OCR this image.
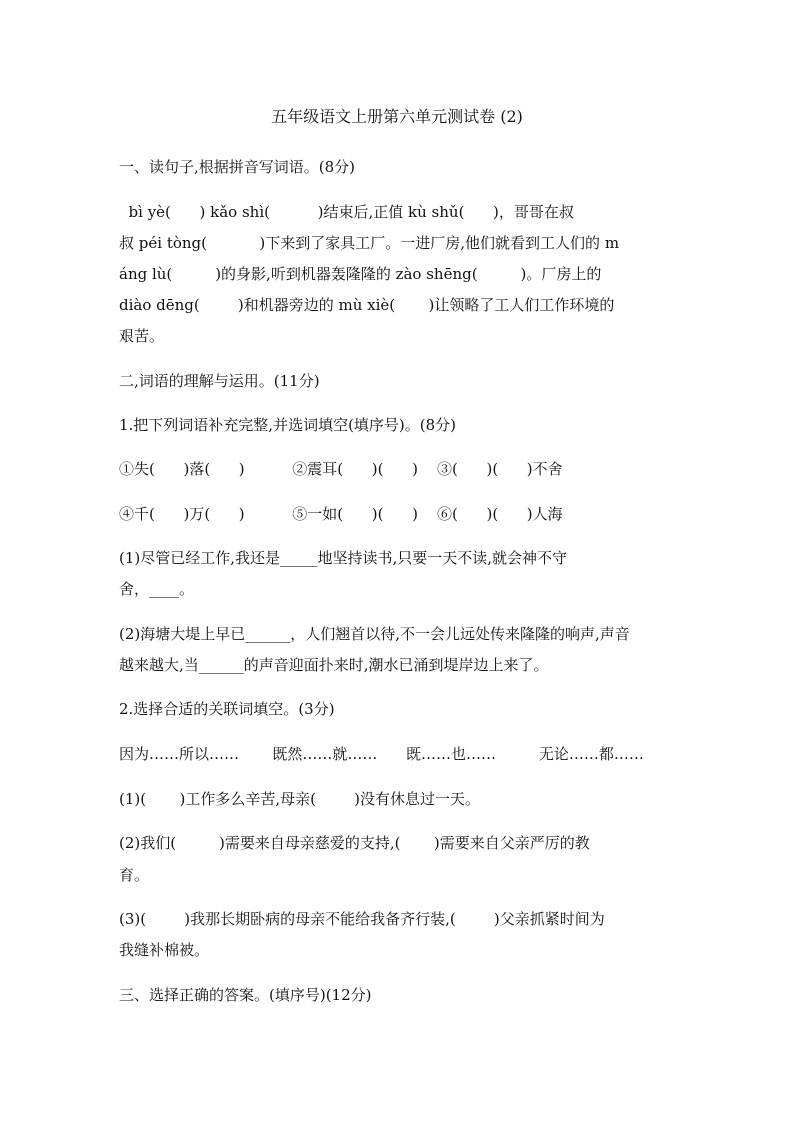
五年级语文上册第六单元测试卷 (2)
一、读句子,根据拼音写词语。(8分)
bì yè(      ) kǎo shì(          )结束后,正值 kù shǔ(      )，哥哥在叔
叔 péi tòng(           )下来到了家具工厂。一进厂房,他们就看到工人们的 m
áng lù(         )的身影,听到机器轰隆隆的 zào shēng(         )。厂房上的
diào dēng(        )和机器旁边的 mù xiè(       )让领略了工人们工作环境的
艰苦。
二,词语的理解与运用。(11分)
1.把下列词语补充完整,并选词填空(填序号)。(8分)
①失(      )落(      )          ②震耳(      )(      )    ③(      )(      )不舍
④千(      )万(      )          ⑤一如(      )(      )    ⑥(      )(      )人海
(1)尽管已经工作,我还是_____地坚持读书,只要一天不读,就会神不守
舍，____。
(2)海塘大堤上早已______，人们翘首以待,不一会儿远处传来隆隆的响声,声音
越来越大,当______的声音迎面扑来时,潮水已涌到堤岸边上来了。
2.选择合适的关联词填空。(3分)
因为……所以……       既然……就……      既……也……         无论……都……
(1)(       )工作多么辛苦,母亲(        )没有休息过一天。
(2)我们(         )需要来自母亲慈爱的支持,(       )需要来自父亲严厉的教
育。
(3)(        )我那长期卧病的母亲不能给我备齐行装,(        )父亲抓紧时间为
我缝补棉被。
三、选择正确的答案。(填序号)(12分)
